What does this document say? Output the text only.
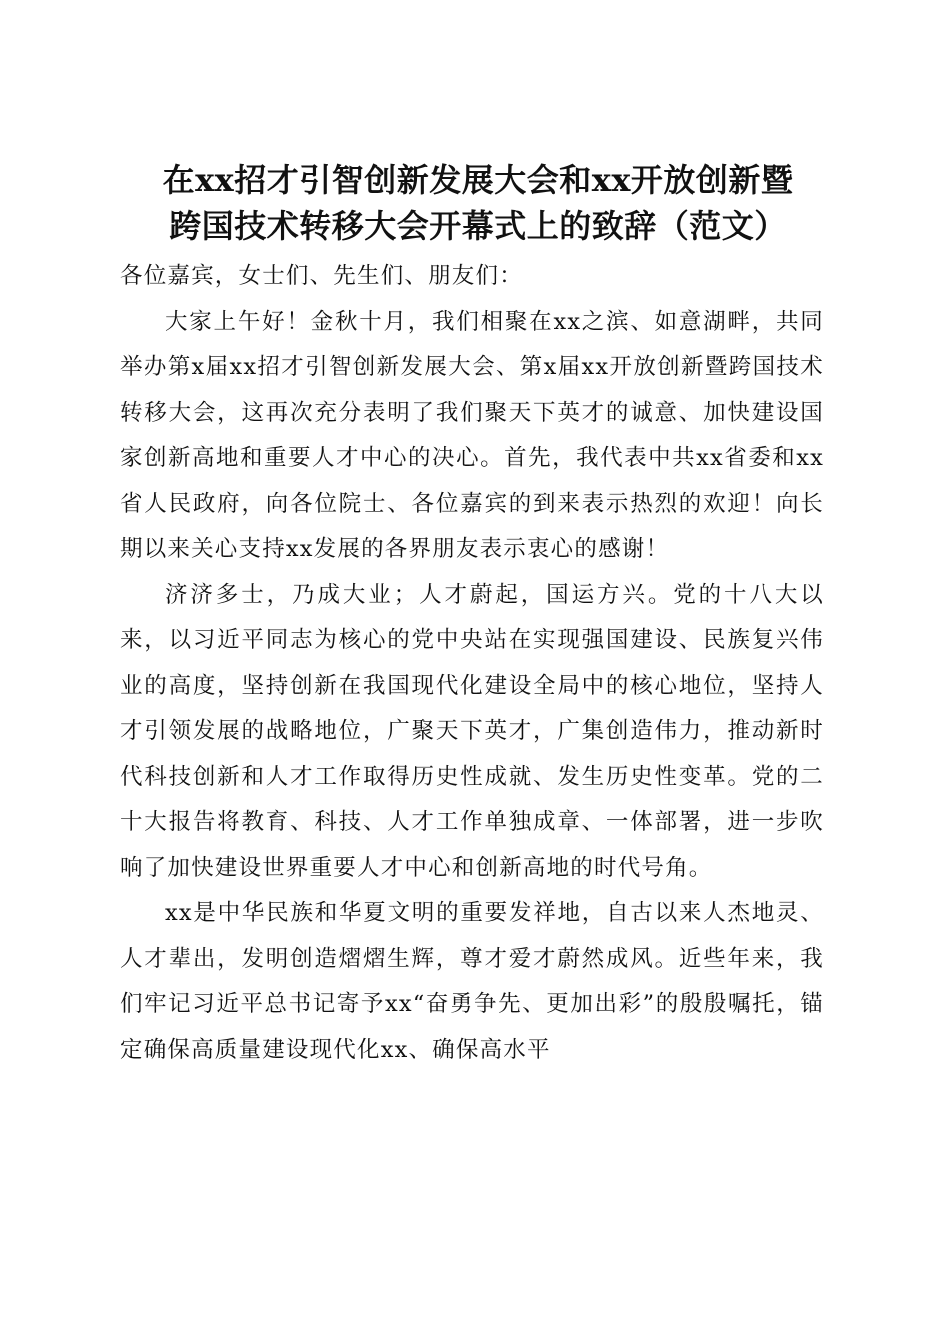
在xx招才引智创新发展大会和xx开放创新暨
跨国技术转移大会开幕式上的致辞（范文）

各位嘉宾，女士们、先生们、朋友们：

大家上午好！金秋十月，我们相聚在xx之滨、如意湖畔，共同举办第x届xx招才引智创新发展大会、第x届xx开放创新暨跨国技术转移大会，这再次充分表明了我们聚天下英才的诚意、加快建设国家创新高地和重要人才中心的决心。首先，我代表中共xx省委和xx省人民政府，向各位院士、各位嘉宾的到来表示热烈的欢迎！向长期以来关心支持xx发展的各界朋友表示衷心的感谢！

济济多士，乃成大业；人才蔚起，国运方兴。党的十八大以来，以习近平同志为核心的党中央站在实现强国建设、民族复兴伟业的高度，坚持创新在我国现代化建设全局中的核心地位，坚持人才引领发展的战略地位，广聚天下英才，广集创造伟力，推动新时代科技创新和人才工作取得历史性成就、发生历史性变革。党的二十大报告将教育、科技、人才工作单独成章、一体部署，进一步吹响了加快建设世界重要人才中心和创新高地的时代号角。

xx是中华民族和华夏文明的重要发祥地，自古以来人杰地灵、人才辈出，发明创造熠熠生辉，尊才爱才蔚然成风。近些年来，我们牢记习近平总书记寄予xx“奋勇争先、更加出彩”的殷殷嘱托，锚定确保高质量建设现代化xx、确保高水平
